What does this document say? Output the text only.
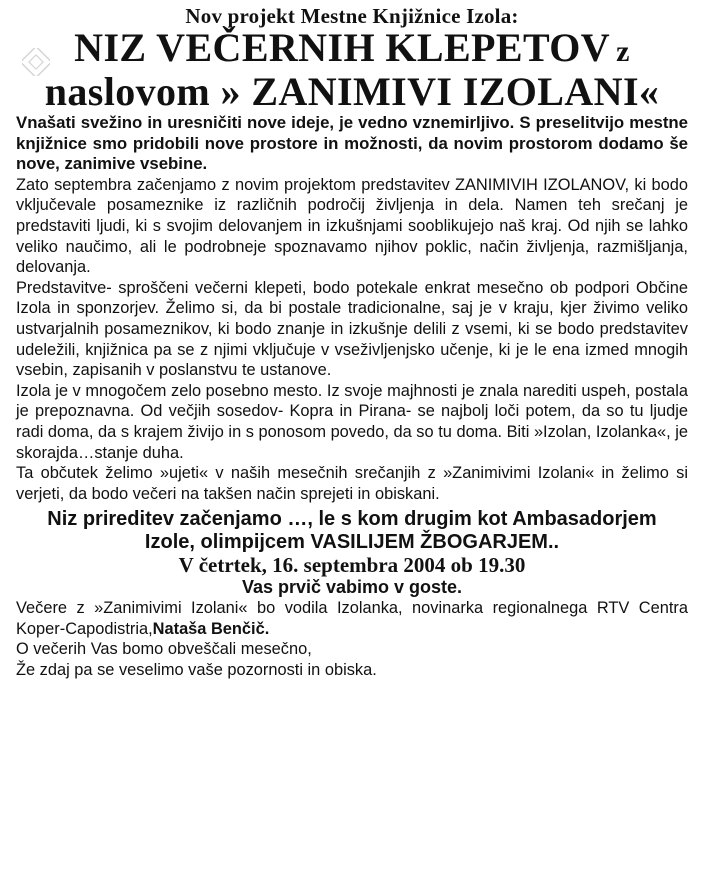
Nov projekt Mestne Knjižnice Izola:
NIZ VEČERNIH KLEPETOV z
naslovom » ZANIMIVI IZOLANI«

Vnašati svežino in uresničiti nove ideje, je vedno vznemirljivo. S preselitvijo mestne knjižnice smo pridobili nove prostore in možnosti, da novim prostorom dodamo še nove, zanimive vsebine.

Zato septembra začenjamo z novim projektom predstavitev ZANIMIVIH IZOLANOV, ki bodo vključevale posameznike iz različnih področij življenja in dela. Namen teh srečanj je predstaviti ljudi, ki s svojim delovanjem in izkušnjami sooblikujejo naš kraj. Od njih se lahko veliko naučimo, ali le podrobneje spoznavamo njihov poklic, način življenja, razmišljanja, delovanja.

Predstavitve- sproščeni večerni klepeti, bodo potekale enkrat mesečno ob podpori Občine Izola in sponzorjev. Želimo si, da bi postale tradicionalne, saj je v kraju, kjer živimo veliko ustvarjalnih posameznikov, ki bodo znanje in izkušnje delili z vsemi, ki se bodo predstavitev udeležili, knjižnica pa se z njimi vključuje v vseživljenjsko učenje, ki je le ena izmed mnogih vsebin, zapisanih v poslanstvu te ustanove.

Izola je v mnogočem zelo posebno mesto. Iz svoje majhnosti je znala narediti uspeh, postala je prepoznavna. Od večjih sosedov- Kopra in Pirana- se najbolj loči potem, da so tu ljudje radi doma, da s krajem živijo in s ponosom povedo, da so tu doma. Biti »Izolan, Izolanka«, je skorajda…stanje duha.

Ta občutek želimo »ujeti« v naših mesečnih srečanjih z »Zanimivimi Izolani« in želimo si verjeti, da bodo večeri na takšen način sprejeti in obiskani.

Niz prireditev začenjamo …, le s kom drugim kot Ambasadorjem
Izole, olimpijcem VASILIJEM ŽBOGARJEM..
V četrtek, 16. septembra 2004 ob 19.30
Vas prvič vabimo v goste.

Večere z »Zanimivimi Izolani« bo vodila Izolanka, novinarka regionalnega RTV Centra Koper-Capodistria,Nataša Benčič.

O večerih Vas bomo obveščali mesečno,

Že zdaj pa se veselimo vaše pozornosti in obiska.
